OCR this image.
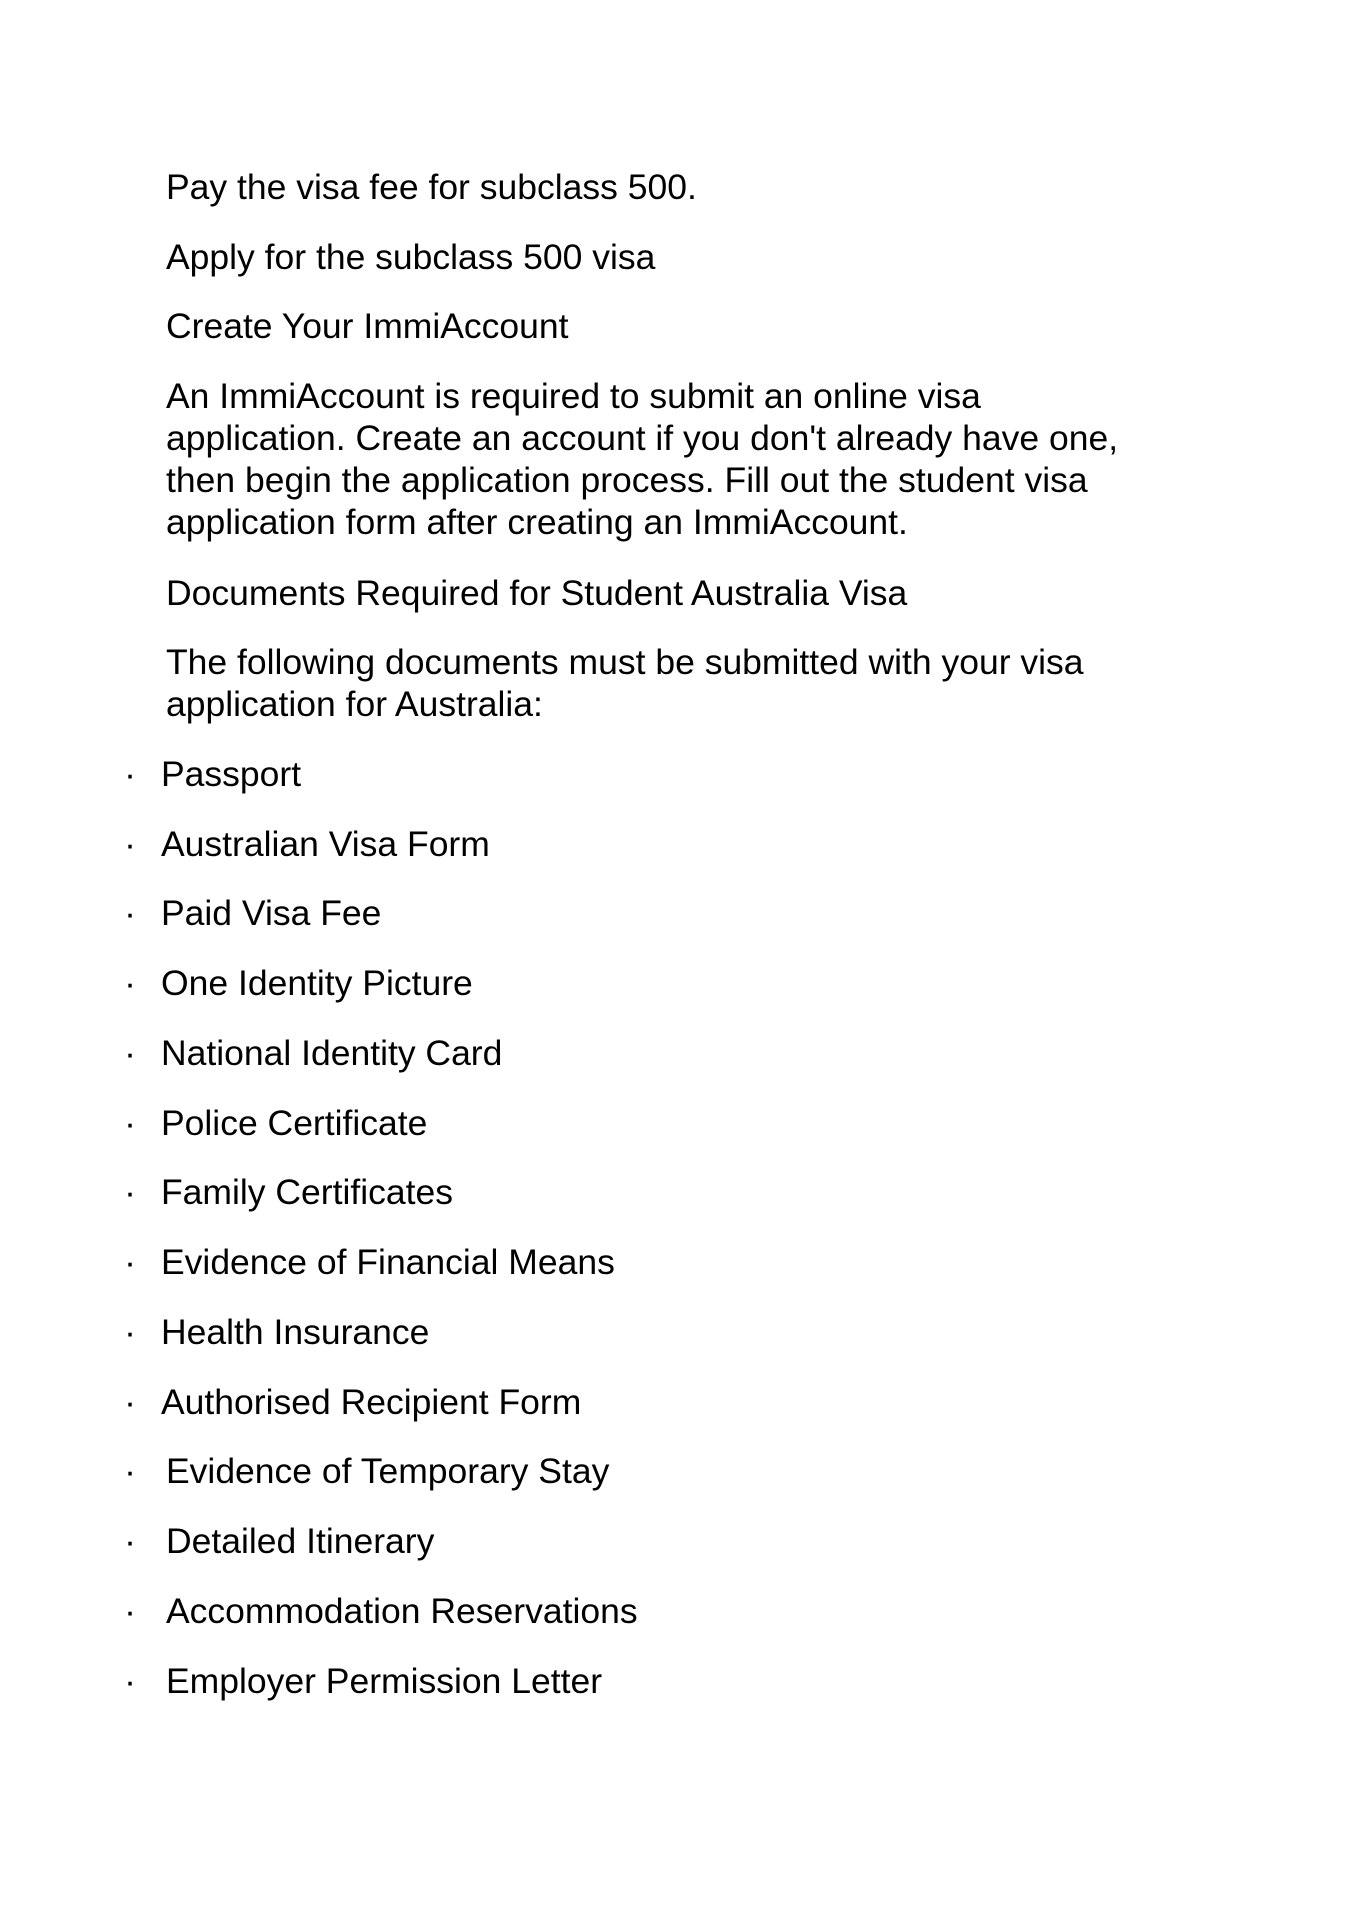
Pay the visa fee for subclass 500.

Apply for the subclass 500 visa

Create Your ImmiAccount

An ImmiAccount is required to submit an online visa
application. Create an account if you don't already have one,
then begin the application process. Fill out the student visa
application form after creating an ImmiAccount.

Documents Required for Student Australia Visa

The following documents must be submitted with your visa
application for Australia:

· Passport
· Australian Visa Form
· Paid Visa Fee
· One Identity Picture
· National Identity Card
· Police Certificate
· Family Certificates
· Evidence of Financial Means
· Health Insurance
· Authorised Recipient Form
· Evidence of Temporary Stay
· Detailed Itinerary
· Accommodation Reservations
· Employer Permission Letter
